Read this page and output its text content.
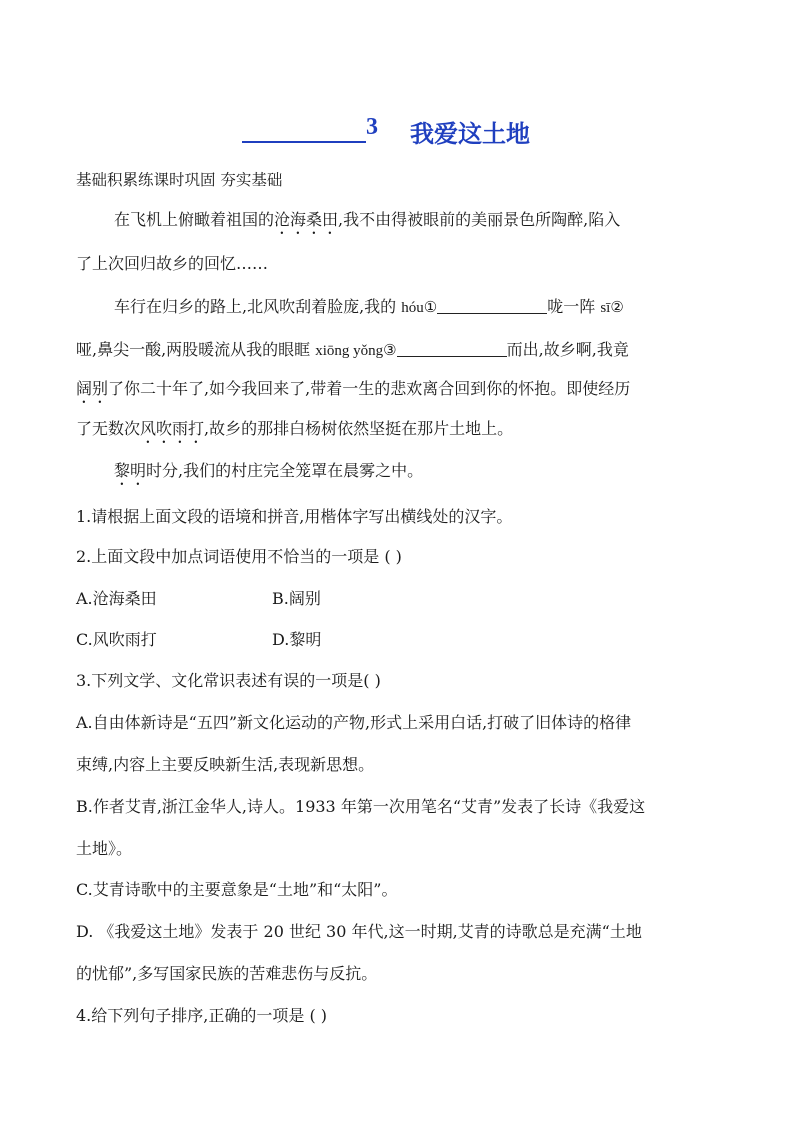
3 我爱这土地
基础积累练课时巩固 夯实基础
在飞机上俯瞰着祖国的沧海桑田,我不由得被眼前的美丽景色所陶醉,陷入
了上次回归故乡的回忆……
车行在归乡的路上,北风吹刮着脸庞,我的 hóu①	咙一阵 sī②
哑,鼻尖一酸,两股暖流从我的眼眶 xiōng yǒng③	而出,故乡啊,我竟
阔别了你二十年了,如今我回来了,带着一生的悲欢离合回到你的怀抱。即使经历
了无数次风吹雨打,故乡的那排白杨树依然坚挺在那片土地上。
黎明时分,我们的村庄完全笼罩在晨雾之中。
1.请根据上面文段的语境和拼音,用楷体字写出横线处的汉字。
2.上面文段中加点词语使用不恰当的一项是 ( )
A.沧海桑田	B.阔别
C.风吹雨打	D.黎明
3.下列文学、文化常识表述有误的一项是( )
A.自由体新诗是“五四”新文化运动的产物,形式上采用白话,打破了旧体诗的格律
束缚,内容上主要反映新生活,表现新思想。
B.作者艾青,浙江金华人,诗人。1933 年第一次用笔名“艾青”发表了长诗《我爱这
土地》。
C.艾青诗歌中的主要意象是“土地”和“太阳”。
D. 《我爱这土地》发表于 20 世纪 30 年代,这一时期,艾青的诗歌总是充满“土地
的忧郁”,多写国家民族的苦难悲伤与反抗。
4.给下列句子排序,正确的一项是 ( )
